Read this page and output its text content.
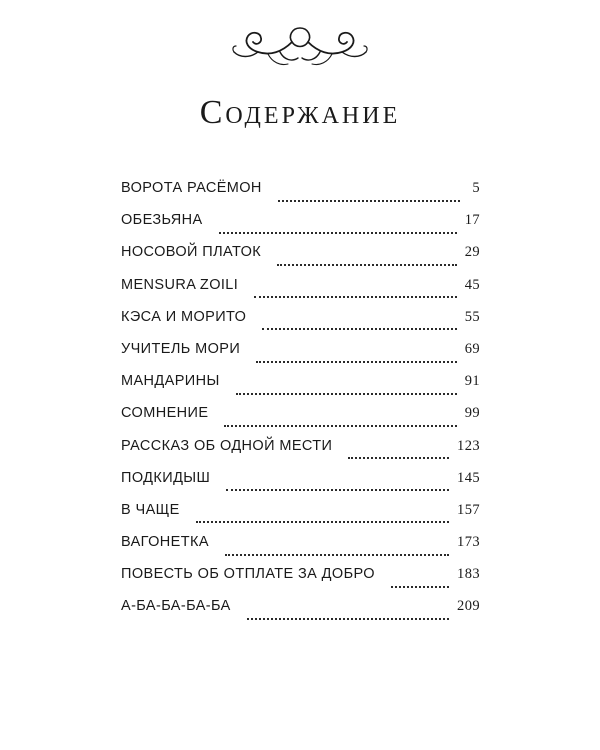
Содержание
ВОРОТА РАСЁМОН	5
ОБЕЗЬЯНА	17
НОСОВОЙ ПЛАТОК	29
MENSURA ZOILI	45
КЭСА И МОРИТО	55
УЧИТЕЛЬ МОРИ	69
МАНДАРИНЫ	91
СОМНЕНИЕ	99
РАССКАЗ ОБ ОДНОЙ МЕСТИ	123
ПОДКИДЫШ	145
В ЧАЩЕ	157
ВАГОНЕТКА	173
ПОВЕСТЬ ОБ ОТПЛАТЕ ЗА ДОБРО	183
А-БА-БА-БА-БА	209
